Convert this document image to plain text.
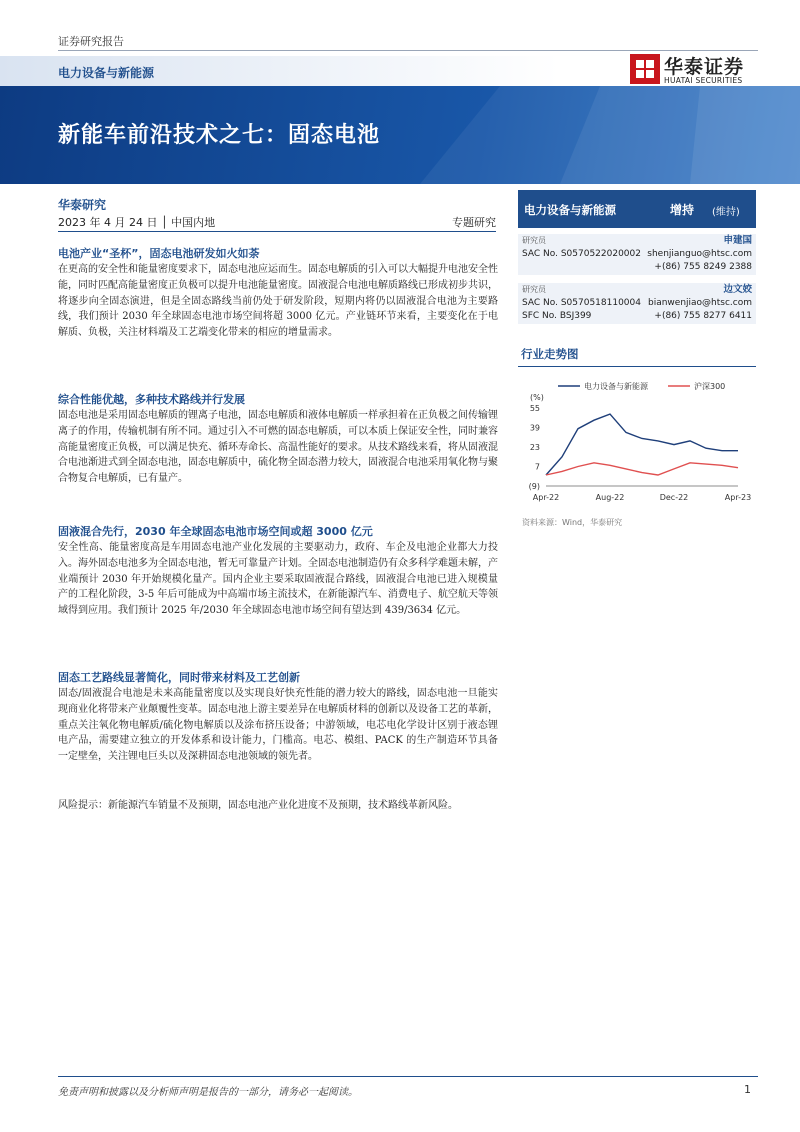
证券研究报告
电力设备与新能源	华泰证券
HUATAI SECURITIES
新能车前沿技术之七：固态电池
华泰研究
2023 年 4 月 24 日 │ 中国内地	专题研究
电池产业“圣杯”，固态电池研发如火如荼
在更高的安全性和能量密度要求下，固态电池应运而生。固态电解质的引入可以大幅提升电池安全性能，同时匹配高能量密度正负极可以提升电池能量密度。固液混合电池电解质路线已形成初步共识，将逐步向全固态演进，但是全固态路线当前仍处于研发阶段，短期内将仍以固液混合电池为主要路线，我们预计 2030 年全球固态电池市场空间将超 3000 亿元。产业链环节来看，主要变化在于电解质、负极，关注材料端及工艺端变化带来的相应的增量需求。
综合性能优越，多种技术路线并行发展
固态电池是采用固态电解质的锂离子电池，固态电解质和液体电解质一样承担着在正负极之间传输锂离子的作用，传输机制有所不同。通过引入不可燃的固态电解质，可以本质上保证安全性，同时兼容高能量密度正负极，可以满足快充、循环寿命长、高温性能好的要求。从技术路线来看，将从固液混合电池渐进式到全固态电池，固态电解质中，硫化物全固态潜力较大，固液混合电池采用氧化物与聚合物复合电解质，已有量产。
固液混合先行，2030 年全球固态电池市场空间或超 3000 亿元
安全性高、能量密度高是车用固态电池产业化发展的主要驱动力，政府、车企及电池企业都大力投入。海外固态电池多为全固态电池，暂无可靠量产计划。全固态电池制造仍有众多科学难题未解，产业端预计 2030 年开始规模化量产。国内企业主要采取固液混合路线，固液混合电池已进入规模量产的工程化阶段，3-5 年后可能成为中高端市场主流技术，在新能源汽车、消费电子、航空航天等领域得到应用。我们预计 2025 年/2030 年全球固态电池市场空间有望达到 439/3634 亿元。
固态工艺路线显著简化，同时带来材料及工艺创新
固态/固液混合电池是未来高能量密度以及实现良好快充性能的潜力较大的路线，固态电池一旦能实现商业化将带来产业颠覆性变革。固态电池上游主要差异在电解质材料的创新以及设备工艺的革新，重点关注氧化物电解质/硫化物电解质以及涂布挤压设备；中游领域，电芯电化学设计区别于液态锂电产品，需要建立独立的开发体系和设计能力，门槛高。电芯、模组、PACK 的生产制造环节具备一定壁垒，关注锂电巨头以及深耕固态电池领域的领先者。
风险提示：新能源汽车销量不及预期，固态电池产业化进度不及预期，技术路线革新风险。
电力设备与新能源	增持 (维持)
研究员	申建国
SAC No. S0570522020002 shenjianguo@htsc.com
+(86) 755 8249 2388
研究员	边文姣
SAC No. S0570518110004 bianwenjiao@htsc.com
SFC No. BSJ399	+(86) 755 8277 6411
行业走势图
电力设备与新能源	沪深300
(%)
55
39
23
7
(9)
Apr-22	Aug-22	Dec-22	Apr-23
资料来源：Wind，华泰研究
免责声明和披露以及分析师声明是报告的一部分，请务必一起阅读。	1
